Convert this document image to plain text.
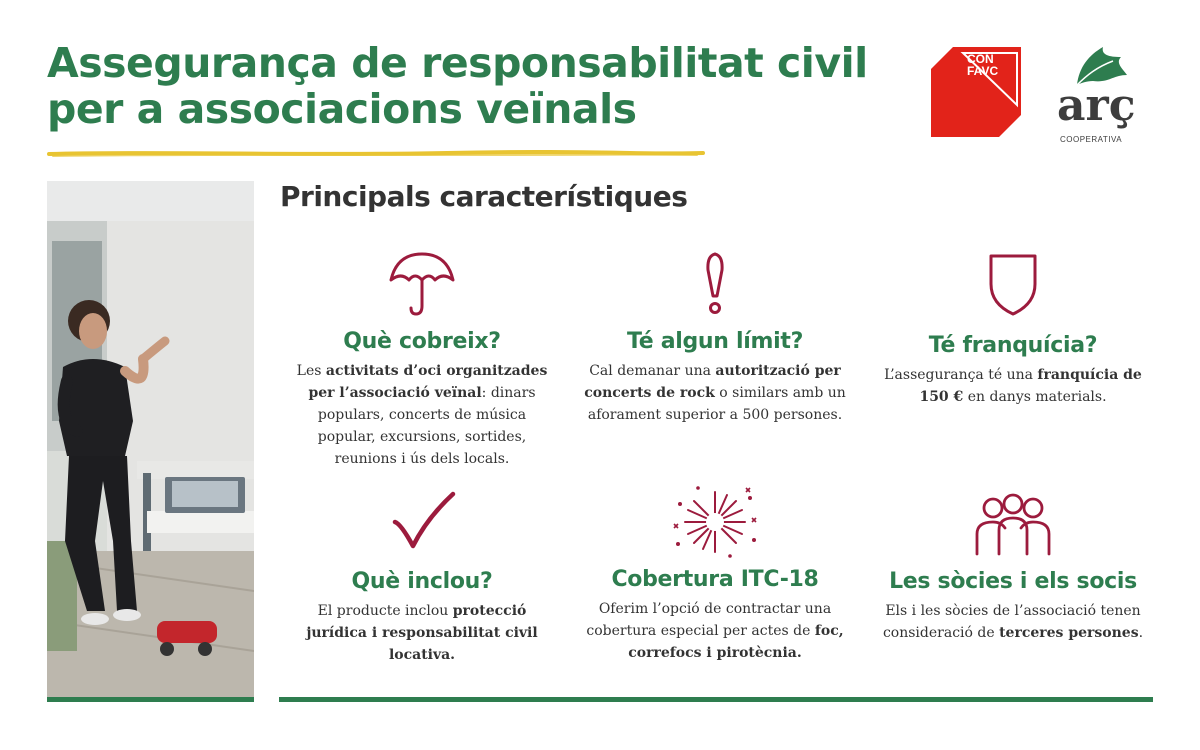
Assegurança de responsabilitat civil
per a associacions veïnals
CON
FAVC
arç
COOPERATIVA
Principals característiques
Què cobreix?

Les activitats d’oci organitzades per l’associació veïnal: dinars populars, concerts de música popular, excursions, sortides, reunions i ús dels locals.

Té algun límit?

Cal demanar una autorització per concerts de rock o similars amb un aforament superior a 500 persones.

Té franquícia?

L’assegurança té una franquícia de 150 € en danys materials.

Què inclou?

El producte inclou protecció jurídica i responsabilitat civil locativa.

Cobertura ITC-18

Oferim l’opció de contractar una cobertura especial per actes de foc, correfocs i pirotècnia.

Les sòcies i els socis

Els i les sòcies de l’associació tenen consideració de terceres persones.
